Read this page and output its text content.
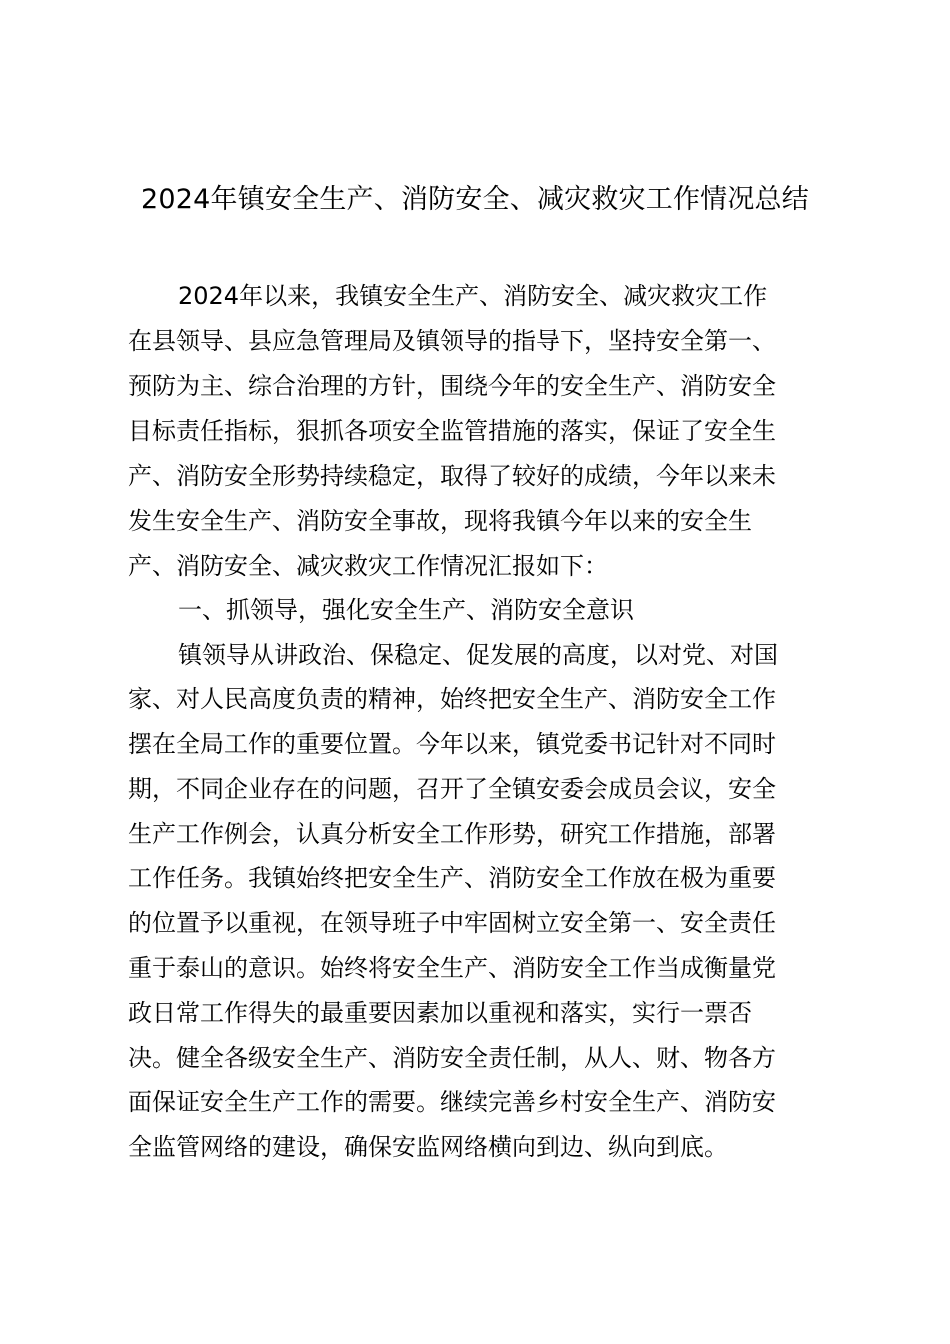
2024年镇安全生产、消防安全、减灾救灾工作情况总结

2024年以来，我镇安全生产、消防安全、减灾救灾工作

在县领导、县应急管理局及镇领导的指导下，坚持安全第一、

预防为主、综合治理的方针，围绕今年的安全生产、消防安全

目标责任指标，狠抓各项安全监管措施的落实，保证了安全生

产、消防安全形势持续稳定，取得了较好的成绩，今年以来未

发生安全生产、消防安全事故，现将我镇今年以来的安全生

产、消防安全、减灾救灾工作情况汇报如下：

一、抓领导，强化安全生产、消防安全意识

镇领导从讲政治、保稳定、促发展的高度，以对党、对国

家、对人民高度负责的精神，始终把安全生产、消防安全工作

摆在全局工作的重要位置。今年以来，镇党委书记针对不同时

期，不同企业存在的问题，召开了全镇安委会成员会议，安全

生产工作例会，认真分析安全工作形势，研究工作措施，部署

工作任务。我镇始终把安全生产、消防安全工作放在极为重要

的位置予以重视，在领导班子中牢固树立安全第一、安全责任

重于泰山的意识。始终将安全生产、消防安全工作当成衡量党

政日常工作得失的最重要因素加以重视和落实，实行一票否

决。健全各级安全生产、消防安全责任制，从人、财、物各方

面保证安全生产工作的需要。继续完善乡村安全生产、消防安

全监管网络的建设，确保安监网络横向到边、纵向到底。
